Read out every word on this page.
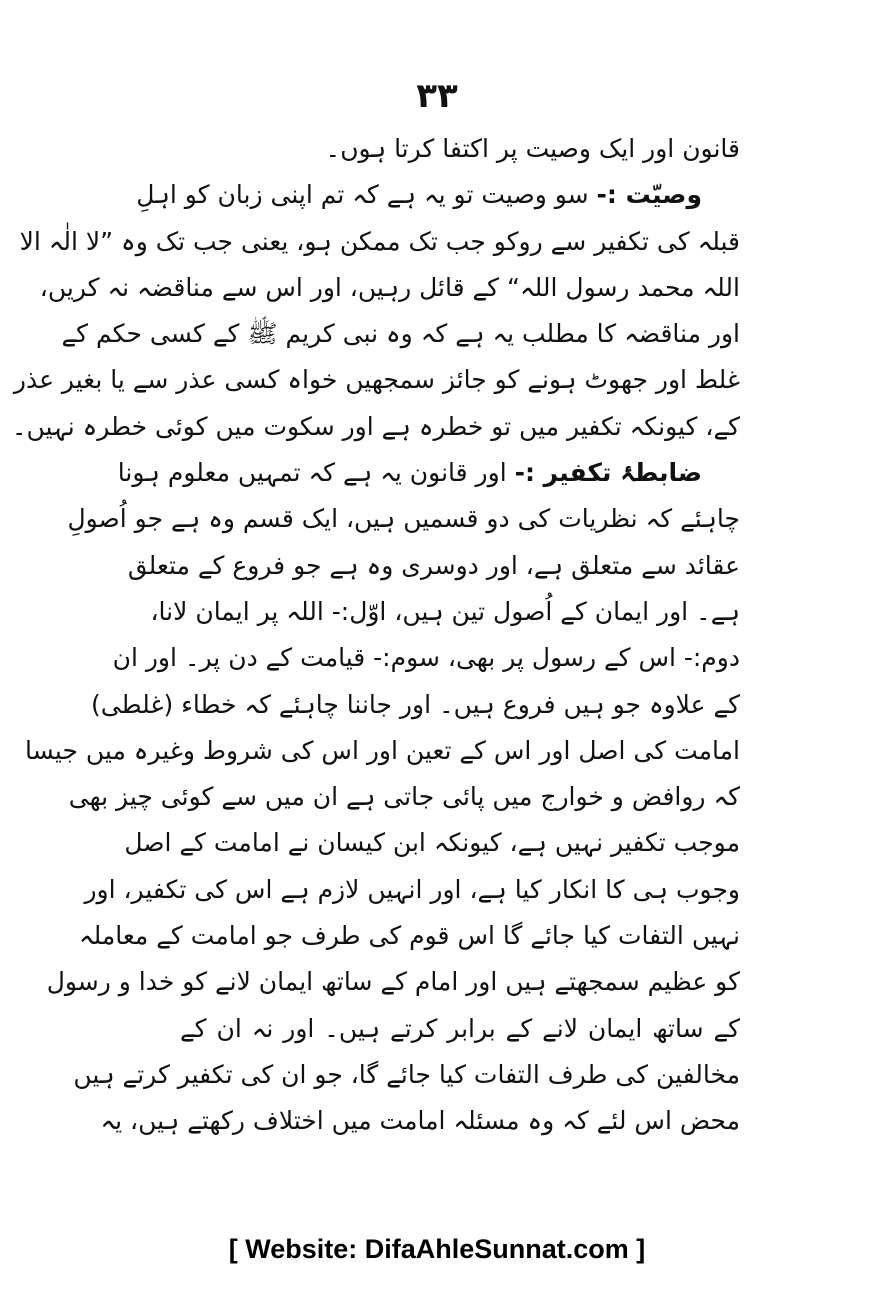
۳۳
قانون اور ایک وصیت پر اکتفا کرتا ہوں۔
وصیّت :- سو وصیت تو یہ ہے کہ تم اپنی زبان کو اہلِ
قبلہ کی تکفیر سے روکو جب تک ممکن ہو، یعنی جب تک وہ ”لا الٰہ الا
اللہ محمد رسول اللہ“ کے قائل رہیں، اور اس سے مناقضہ نہ کریں،
اور مناقضہ کا مطلب یہ ہے کہ وہ نبی کریم ﷺ کے کسی حکم کے
غلط اور جھوٹ ہونے کو جائز سمجھیں خواہ کسی عذر سے یا بغیر عذر
کے، کیونکہ تکفیر میں تو خطرہ ہے اور سکوت میں کوئی خطرہ نہیں۔
ضابطۂ تکفیر :- اور قانون یہ ہے کہ تمہیں معلوم ہونا
چاہئے کہ نظریات کی دو قسمیں ہیں، ایک قسم وہ ہے جو اُصولِ
عقائد سے متعلق ہے، اور دوسری وہ ہے جو فروع کے متعلق
ہے۔ اور ایمان کے اُصول تین ہیں، اوّل:- اللہ پر ایمان لانا،
دوم:- اس کے رسول پر بھی، سوم:- قیامت کے دن پر۔ اور ان
کے علاوہ جو ہیں فروع ہیں۔ اور جاننا چاہئے کہ خطاء (غلطی)
امامت کی اصل اور اس کے تعین اور اس کی شروط وغیرہ میں جیسا
کہ روافض و خوارج میں پائی جاتی ہے ان میں سے کوئی چیز بھی
موجب تکفیر نہیں ہے، کیونکہ ابن کیسان نے امامت کے اصل
وجوب ہی کا انکار کیا ہے، اور انہیں لازم ہے اس کی تکفیر، اور
نہیں التفات کیا جائے گا اس قوم کی طرف جو امامت کے معاملہ
کو عظیم سمجھتے ہیں اور امام کے ساتھ ایمان لانے کو خدا و رسول
کے ساتھ ایمان لانے کے برابر کرتے ہیں۔ اور نہ ان کے
مخالفین کی طرف التفات کیا جائے گا، جو ان کی تکفیر کرتے ہیں
محض اس لئے کہ وہ مسئلہ امامت میں اختلاف رکھتے ہیں، یہ
[ Website: DifaAhleSunnat.com ]
